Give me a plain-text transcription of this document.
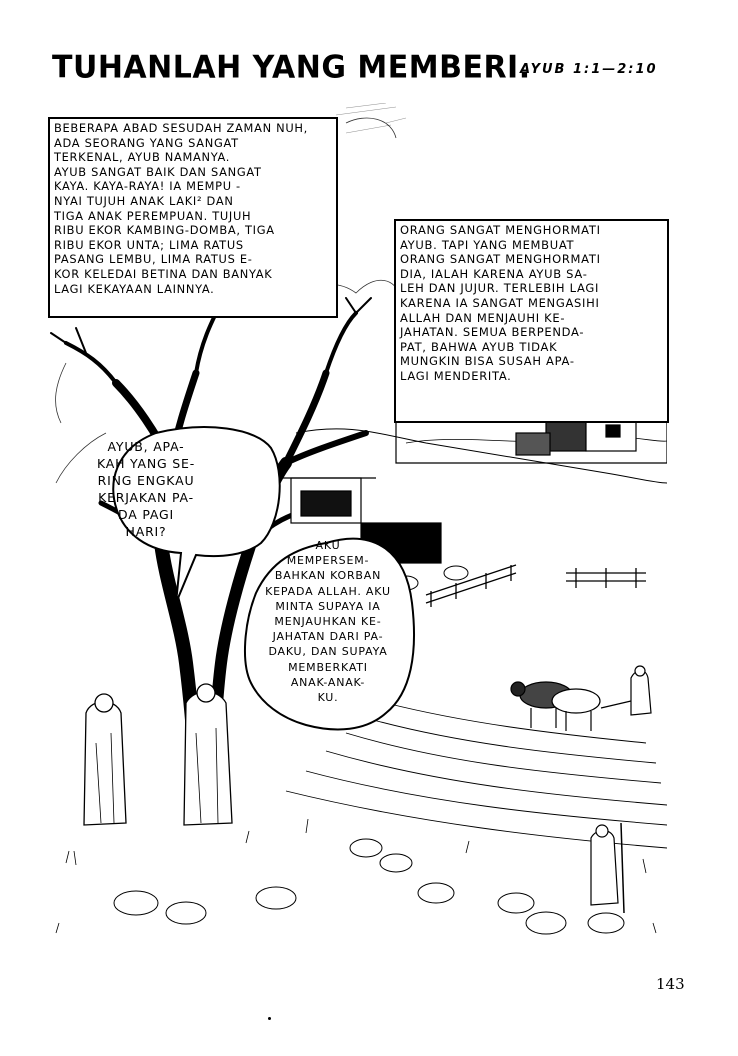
TUHANLAH YANG MEMBERI.
AYUB 1:1—2:10
BEBERAPA ABAD SESUDAH ZAMAN NUH,
ADA SEORANG YANG SANGAT
TERKENAL, AYUB NAMANYA.
AYUB SANGAT BAIK DAN SANGAT
KAYA. KAYA-RAYA! IA MEMPU -
NYAI TUJUH ANAK LAKI² DAN
TIGA ANAK PEREMPUAN. TUJUH
RIBU EKOR KAMBING-DOMBA, TIGA
RIBU EKOR UNTA; LIMA RATUS
PASANG LEMBU, LIMA RATUS E-
KOR KELEDAI BETINA DAN BANYAK
LAGI KEKAYAAN LAINNYA.
ORANG SANGAT MENGHORMATI
AYUB. TAPI YANG MEMBUAT
ORANG SANGAT MENGHORMATI
DIA, IALAH KARENA AYUB SA-
LEH DAN JUJUR. TERLEBIH LAGI
KARENA IA SANGAT MENGASIHI
ALLAH DAN MENJAUHI KE-
JAHATAN. SEMUA BERPENDA-
PAT, BAHWA AYUB TIDAK
MUNGKIN BISA SUSAH APA-
LAGI MENDERITA.
AYUB, APA-
KAH YANG SE-
RING ENGKAU
KERJAKAN PA-
DA PAGI
HARI?
AKU
MEMPERSEM-
BAHKAN KORBAN
KEPADA ALLAH. AKU
MINTA SUPAYA IA
MENJAUHKAN KE-
JAHATAN DARI PA-
DAKU, DAN SUPAYA
MEMBERKATI
ANAK-ANAK-
KU.
143
